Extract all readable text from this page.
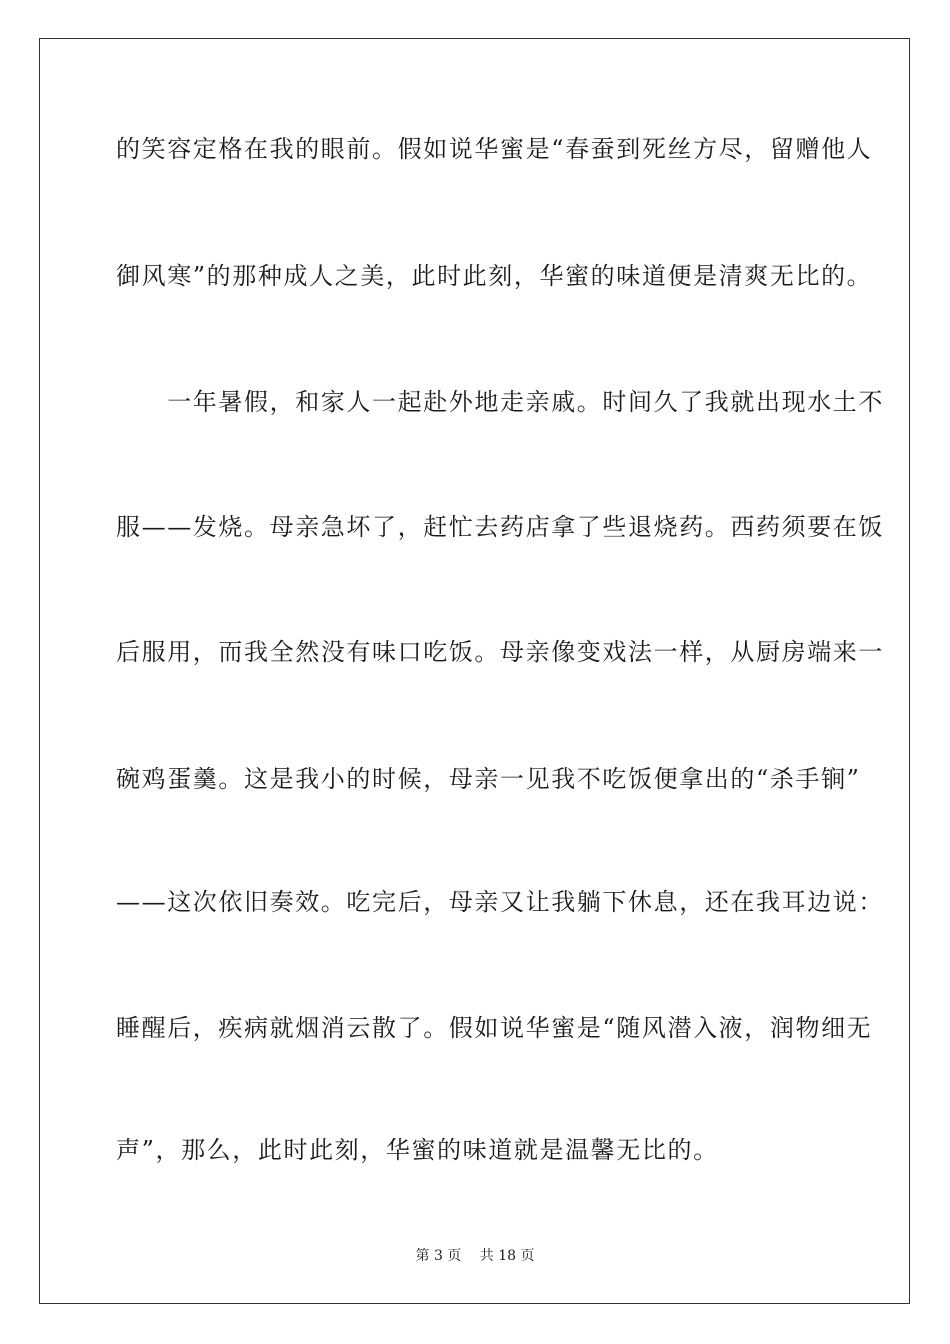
的笑容定格在我的眼前。假如说华蜜是“春蚕到死丝方尽，留赠他人
御风寒”的那种成人之美，此时此刻，华蜜的味道便是清爽无比的。
　　一年暑假，和家人一起赴外地走亲戚。时间久了我就出现水土不
服——发烧。母亲急坏了，赶忙去药店拿了些退烧药。西药须要在饭
后服用，而我全然没有味口吃饭。母亲像变戏法一样，从厨房端来一
碗鸡蛋羹。这是我小的时候，母亲一见我不吃饭便拿出的“杀手锏”
——这次依旧奏效。吃完后，母亲又让我躺下休息，还在我耳边说：
睡醒后，疾病就烟消云散了。假如说华蜜是“随风潜入液，润物细无
声”，那么，此时此刻，华蜜的味道就是温馨无比的。
第 3 页　 共 18 页
